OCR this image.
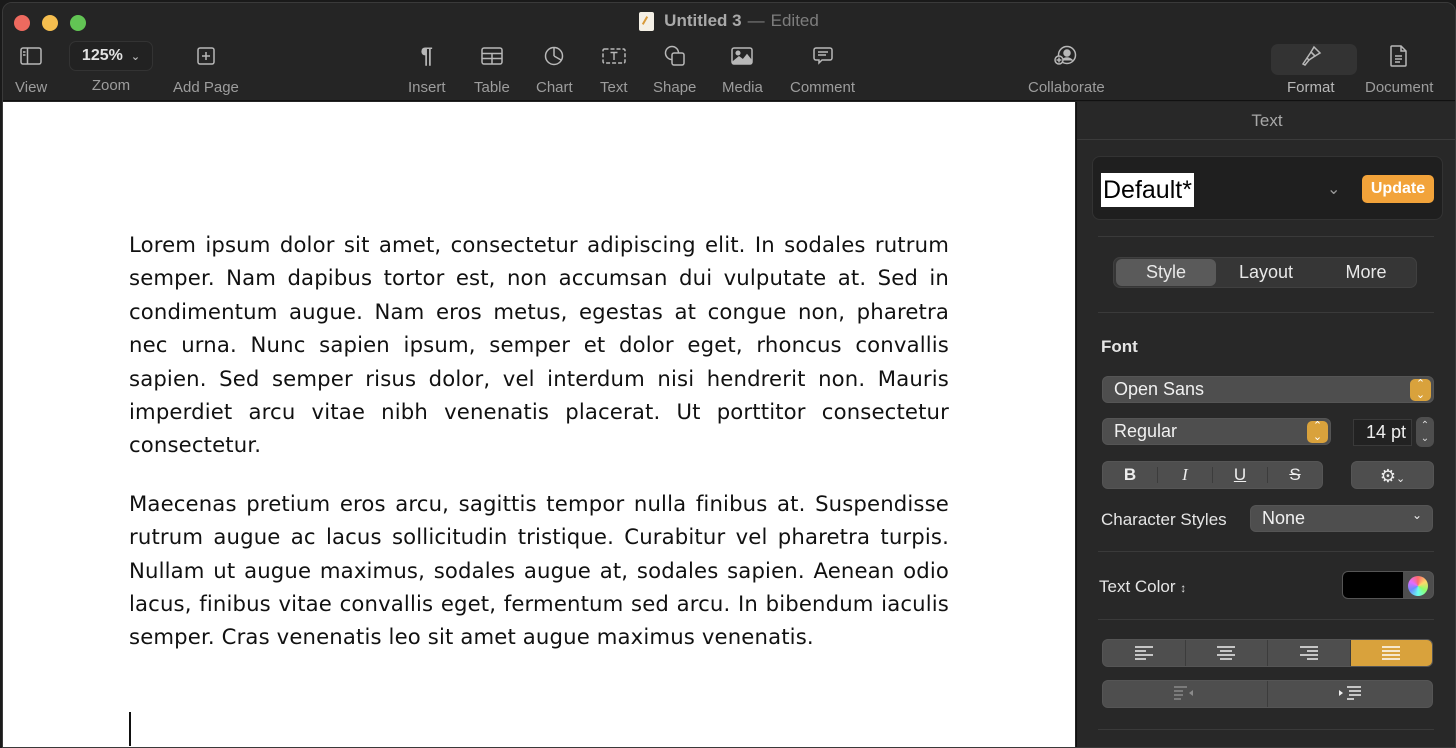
Untitled 3 — Edited
View
125% ⌄
Zoom	Add Page
¶
Insert Table Chart Text Shape Media Comment	Collaborate	Format Document

Lorem ipsum dolor sit amet, consectetur adipiscing elit. In sodales rutrum semper. Nam dapibus tortor est, non accumsan dui vulputate at. Sed in condimentum augue. Nam eros metus, egestas at congue non, pharetra nec urna. Nunc sapien ipsum, semper et dolor eget, rhoncus convallis sapien. Sed semper risus dolor, vel interdum nisi hendrerit non. Mauris imperdiet arcu vitae nibh venenatis placerat. Ut porttitor consectetur consectetur.

Maecenas pretium eros arcu, sagittis tempor nulla finibus at. Suspendisse rutrum augue ac lacus sollicitudin tristique. Curabitur vel pharetra turpis. Nullam ut augue maximus, sodales augue at, sodales sapien. Aenean odio lacus, finibus vitae convallis eget, fermentum sed arcu. In bibendum iaculis semper. Cras venenatis leo sit amet augue maximus venenatis.

Text
Default*	⌄	Update
Style	Layout	More
Font
Open Sans	⌃
⌄
Regular	⌃
⌄	14 pt	⌃
⌄
B	I	U	S	⚙⌄
Character Styles None	⌄
Text Color ↕
